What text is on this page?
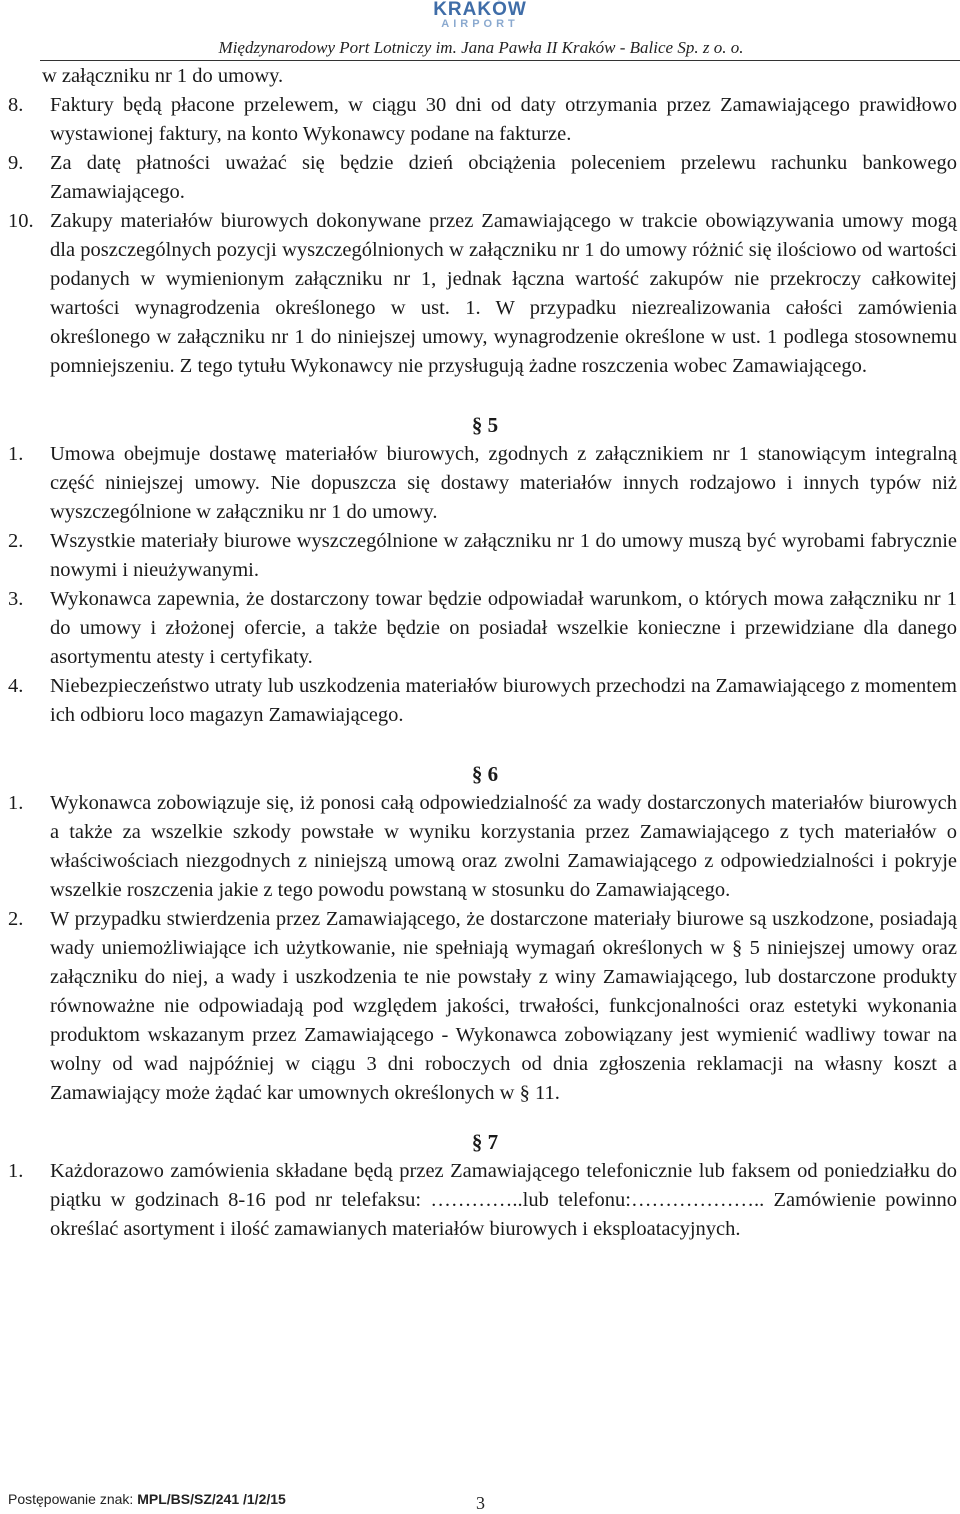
KRAKÓW
AIRPORT
Międzynarodowy Port Lotniczy im. Jana Pawła II Kraków - Balice Sp. z o. o.
w załączniku nr 1 do umowy.
8.	Faktury będą płacone przelewem, w ciągu 30 dni od daty otrzymania przez Zamawiającego prawidłowo wystawionej faktury, na konto Wykonawcy podane na fakturze.
9.	Za datę płatności uważać się będzie dzień obciążenia poleceniem przelewu rachunku bankowego Zamawiającego.
10. Zakupy materiałów biurowych dokonywane przez Zamawiającego w trakcie obowiązywania umowy mogą dla poszczególnych pozycji wyszczególnionych w załączniku nr 1 do umowy różnić się ilościowo od wartości podanych w wymienionym załączniku nr 1, jednak łączna wartość zakupów nie przekroczy całkowitej wartości wynagrodzenia określonego w ust. 1. W przypadku niezrealizowania całości zamówienia określonego w załączniku nr 1 do niniejszej umowy, wynagrodzenie określone w ust. 1 podlega stosownemu pomniejszeniu. Z tego tytułu Wykonawcy nie przysługują żadne roszczenia wobec Zamawiającego.
§ 5
1.	Umowa obejmuje dostawę materiałów biurowych, zgodnych z załącznikiem nr 1 stanowiącym integralną część niniejszej umowy. Nie dopuszcza się dostawy materiałów innych rodzajowo i innych typów niż wyszczególnione w załączniku nr 1 do umowy.
2.	Wszystkie materiały biurowe wyszczególnione w załączniku nr 1 do umowy muszą być wyrobami fabrycznie nowymi i nieużywanymi.
3.	Wykonawca zapewnia, że dostarczony towar będzie odpowiadał warunkom, o których mowa załączniku nr 1 do umowy i złożonej ofercie, a także będzie on posiadał wszelkie konieczne i przewidziane dla danego asortymentu atesty i certyfikaty.
4.	Niebezpieczeństwo utraty lub uszkodzenia materiałów biurowych przechodzi na Zamawiającego z momentem ich odbioru loco magazyn Zamawiającego.
§ 6
1.	Wykonawca zobowiązuje się, iż ponosi całą odpowiedzialność za wady dostarczonych materiałów biurowych a także za wszelkie szkody powstałe w wyniku korzystania przez Zamawiającego z tych materiałów o właściwościach niezgodnych z niniejszą umową oraz zwolni Zamawiającego z odpowiedzialności i pokryje wszelkie roszczenia jakie z tego powodu powstaną w stosunku do Zamawiającego.
2.	W przypadku stwierdzenia przez Zamawiającego, że dostarczone materiały biurowe są uszkodzone, posiadają wady uniemożliwiające ich użytkowanie, nie spełniają wymagań określonych w § 5 niniejszej umowy oraz załączniku do niej, a wady i uszkodzenia te nie powstały z winy Zamawiającego, lub dostarczone produkty równoważne nie odpowiadają pod względem jakości, trwałości, funkcjonalności oraz estetyki wykonania produktom wskazanym przez Zamawiającego - Wykonawca zobowiązany jest wymienić wadliwy towar na wolny od wad najpóźniej w ciągu 3 dni roboczych od dnia zgłoszenia reklamacji na własny koszt a Zamawiający może żądać kar umownych określonych w § 11.
§ 7
1.	Każdorazowo zamówienia składane będą przez Zamawiającego telefonicznie lub faksem od poniedziałku do piątku w godzinach 8-16 pod nr telefaksu: …………..lub telefonu:……………….. Zamówienie powinno określać asortyment i ilość zamawianych materiałów biurowych i eksploatacyjnych.
Postępowanie znak: MPL/BS/SZ/241 /1/2/15	3
